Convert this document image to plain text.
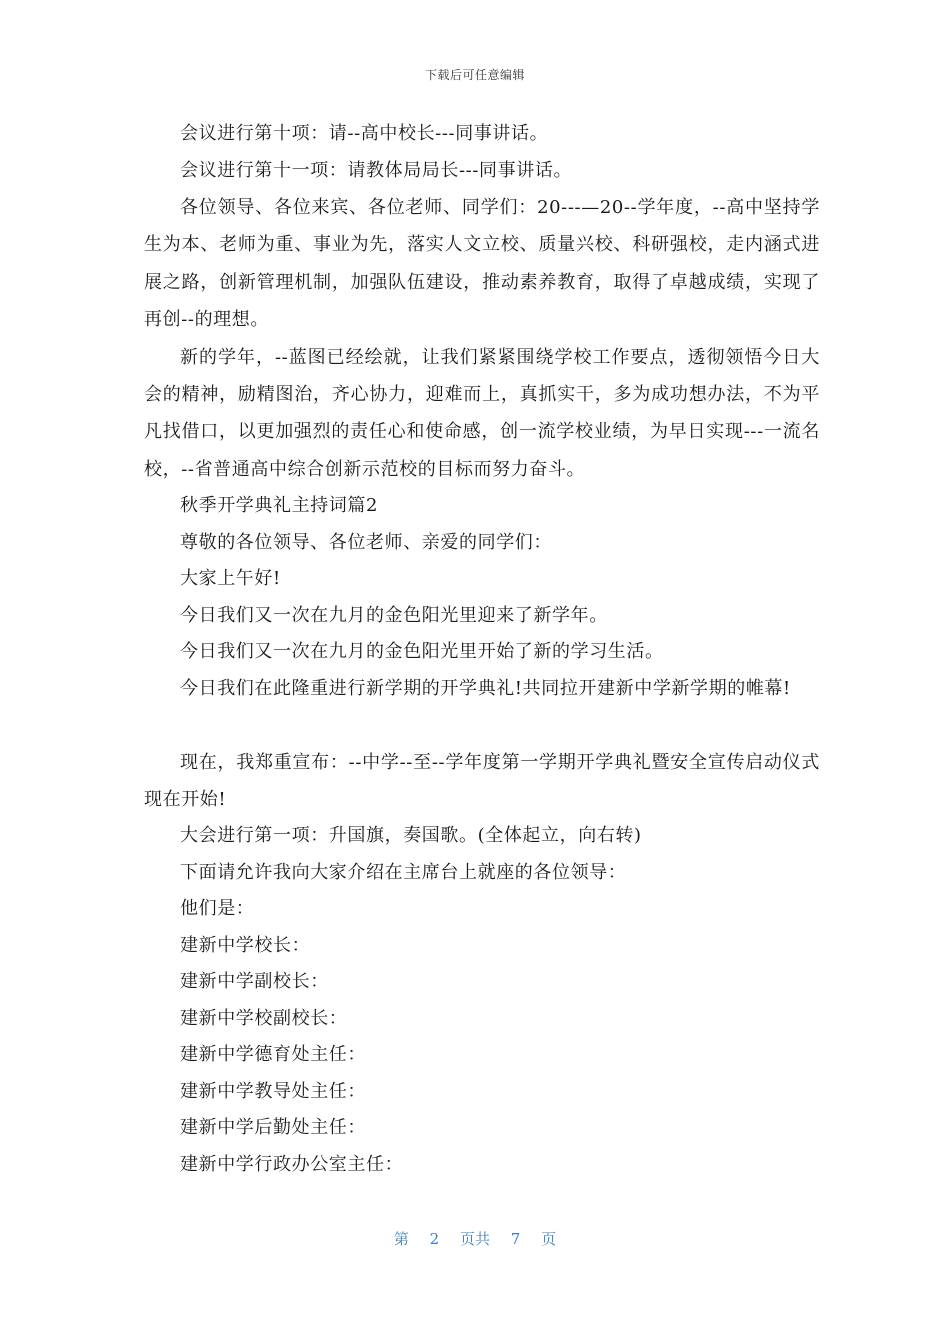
下载后可任意编辑

会议进行第十项：请--高中校长---同事讲话。

会议进行第十一项：请教体局局长---同事讲话。

各位领导、各位来宾、各位老师、同学们：20---—20--学年度，--高中坚持学生为本、老师为重、事业为先，落实人文立校、质量兴校、科研强校，走内涵式进展之路，创新管理机制，加强队伍建设，推动素养教育，取得了卓越成绩，实现了再创--的理想。

新的学年，--蓝图已经绘就，让我们紧紧围绕学校工作要点，透彻领悟今日大会的精神，励精图治，齐心协力，迎难而上，真抓实干，多为成功想办法，不为平凡找借口，以更加强烈的责任心和使命感，创一流学校业绩，为早日实现---一流名校，--省普通高中综合创新示范校的目标而努力奋斗。

秋季开学典礼主持词篇2

尊敬的各位领导、各位老师、亲爱的同学们：

大家上午好!

今日我们又一次在九月的金色阳光里迎来了新学年。

今日我们又一次在九月的金色阳光里开始了新的学习生活。

今日我们在此隆重进行新学期的开学典礼!共同拉开建新中学新学期的帷幕!

现在，我郑重宣布：--中学--至--学年度第一学期开学典礼暨安全宣传启动仪式现在开始!

大会进行第一项：升国旗，奏国歌。(全体起立，向右转)

下面请允许我向大家介绍在主席台上就座的各位领导：

他们是：

建新中学校长：

建新中学副校长：

建新中学校副校长：

建新中学德育处主任：

建新中学教导处主任：

建新中学后勤处主任：

建新中学行政办公室主任：

第 2 页共 7 页
